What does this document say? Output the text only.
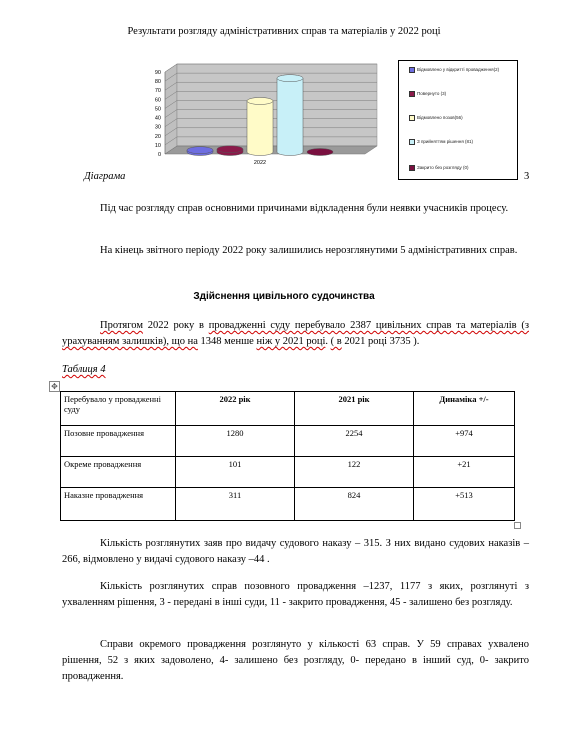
Результати розгляду адміністративних справ та матеріалів у 2022 році
0
10
20
30
40
50
60
70
80
90
2022
Відмовлено у відкритті провадження(2)
Повернуто (3)
Відмовлено позов(56)
З прийняттям рішення (81)
Закрито без розгляду (0)
Діаграма	3
Під час розгляду справ основними причинами відкладення були неявки учасників процесу.
На кінець звітного періоду 2022 року залишились нерозглянутими 5 адміністративних справ.
Здійснення цивільного судочинства
Протягом 2022 року в провадженні суду перебувало 2387 цивільних справ та матеріалів (з урахуванням залишків), що на 1348 менше ніж у 2021 році. ( в 2021 році 3735 ).
Таблиця 4
✥
Перебувало у провадженні суду	2022 рік	2021 рік	Динаміка +/-
Позовне провадження	1280	2254	+974
Окреме провадження	101	122	+21
Наказне провадження	311	824	+513
Кількість розглянутих заяв про видачу судового наказу – 315. З них видано судових наказів –266, відмовлено у видачі судового наказу –44 .
Кількість розглянутих справ позовного провадження –1237, 1177 з яких, розглянуті з ухваленням рішення, 3 - передані в інші суди, 11 - закрито провадження, 45 - залишено без розгляду.
Справи окремого провадження розглянуто у кількості 63 справ. У 59 справах ухвалено рішення, 52 з яких задоволено, 4- залишено без розгляду, 0- передано в інший суд, 0- закрито провадження.
